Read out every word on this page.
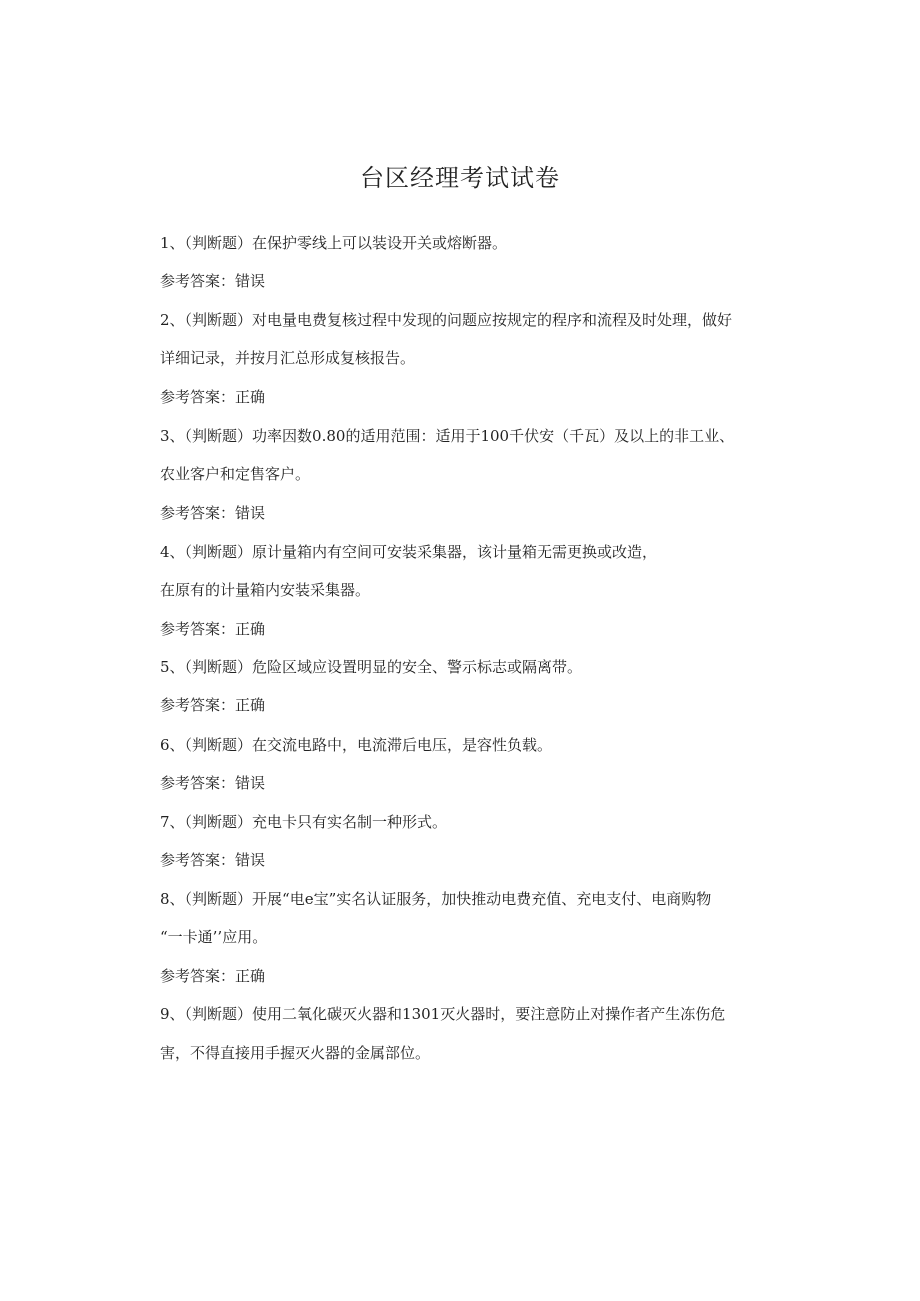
台区经理考试试卷
1、（判断题）在保护零线上可以装设开关或熔断器。
参考答案：错误
2、（判断题）对电量电费复核过程中发现的问题应按规定的程序和流程及时处理，做好
详细记录，并按月汇总形成复核报告。
参考答案：正确
3、（判断题）功率因数0.80的适用范围：适用于100千伏安（千瓦）及以上的非工业、
农业客户和定售客户。
参考答案：错误
4、（判断题）原计量箱内有空间可安装采集器，该计量箱无需更换或改造，
在原有的计量箱内安装采集器。
参考答案：正确
5、（判断题）危险区域应设置明显的安全、警示标志或隔离带。
参考答案：正确
6、（判断题）在交流电路中，电流滞后电压，是容性负载。
参考答案：错误
7、（判断题）充电卡只有实名制一种形式。
参考答案：错误
8、（判断题）开展“电e宝”实名认证服务，加快推动电费充值、充电支付、电商购物
“一卡通’’应用。
参考答案：正确
9、（判断题）使用二氧化碳灭火器和1301灭火器时，要注意防止对操作者产生冻伤危
害，不得直接用手握灭火器的金属部位。
